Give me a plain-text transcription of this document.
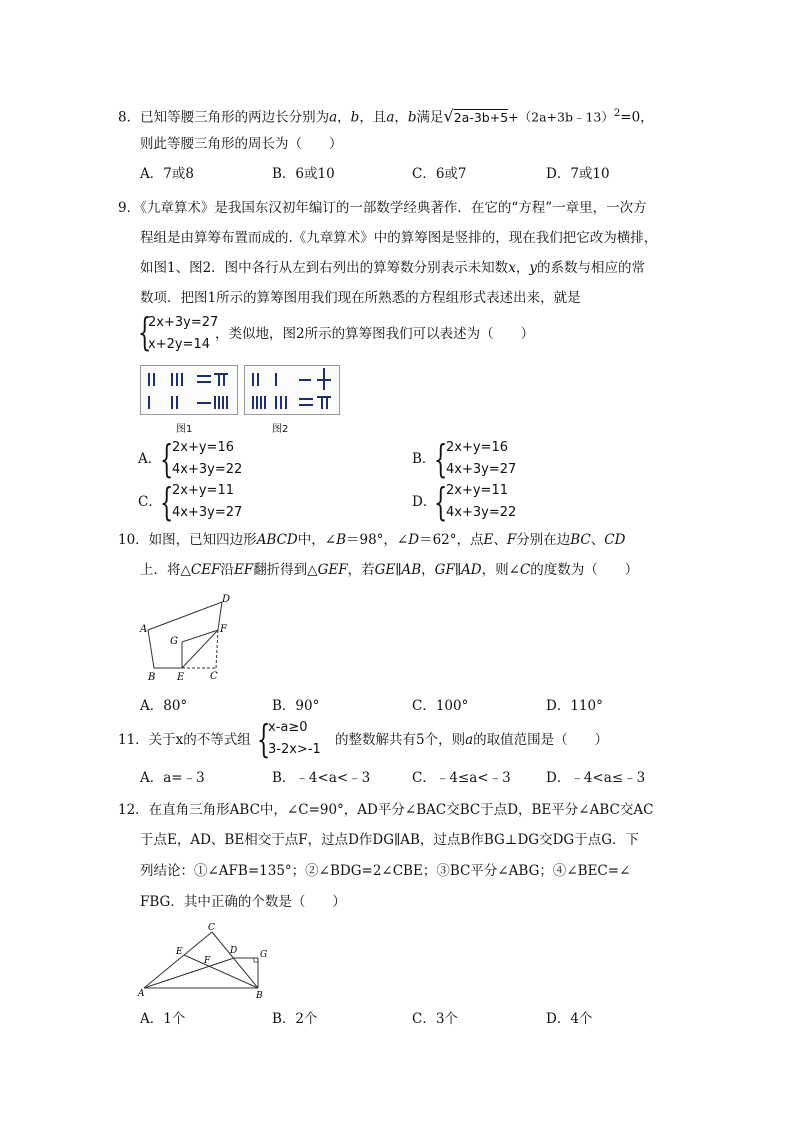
8．已知等腰三角形的两边长分别为a，b，且a，b满足√2a-3b+5+（2a+3b﹣13）$^2$=0，
则此等腰三角形的周长为（　　）
A．7或8	B．6或10	C．6或7	D．7或10
9．《九章算术》是我国东汉初年编订的一部数学经典著作．在它的“方程”一章里，一次方
程组是由算筹布置而成的.《九章算术》中的算筹图是竖排的，现在我们把它改为横排，
如图1、图2．图中各行从左到右列出的算筹数分别表示未知数x，y的系数与相应的常
数项．把图1所示的算筹图用我们现在所熟悉的方程组形式表述出来，就是
{
2x+3y=27
x+2y=14
，类似地，图2所示的算筹图我们可以表述为（　　）
图1	图2
A．
{
2x+y=16
4x+3y=22
B．
{
2x+y=16
4x+3y=27
C．
{
2x+y=11
4x+3y=27
D．
{
2x+y=11
4x+3y=22
10．如图，已知四边形ABCD中，∠B＝98°，∠D＝62°，点E、F分别在边BC、CD
上．将△CEF沿EF翻折得到△GEF，若GE∥AB，GF∥AD，则∠C的度数为（　　）
A
B	C
D
E
F
G
A．80°	B．90°	C．100°	D．110°
11．关于x的不等式组 {
x-a≥0
3-2x>-1
的整数解共有5个，则a的取值范围是（　　）
A．a=﹣3	B．﹣4<a<﹣3	C．﹣4≤a<﹣3	D．﹣4<a≤﹣3
12．在直角三角形ABC中，∠C=90°，AD平分∠BAC交BC于点D，BE平分∠ABC交AC
于点E，AD、BE相交于点F，过点D作DG∥AB，过点B作BG⊥DG交DG于点G．下
列结论：①∠AFB=135°；②∠BDG=2∠CBE；③BC平分∠ABG；④∠BEC=∠
FBG．其中正确的个数是（　　）
A	B
C
D
E
F
G
A．1个	B．2个	C．3个	D．4个
